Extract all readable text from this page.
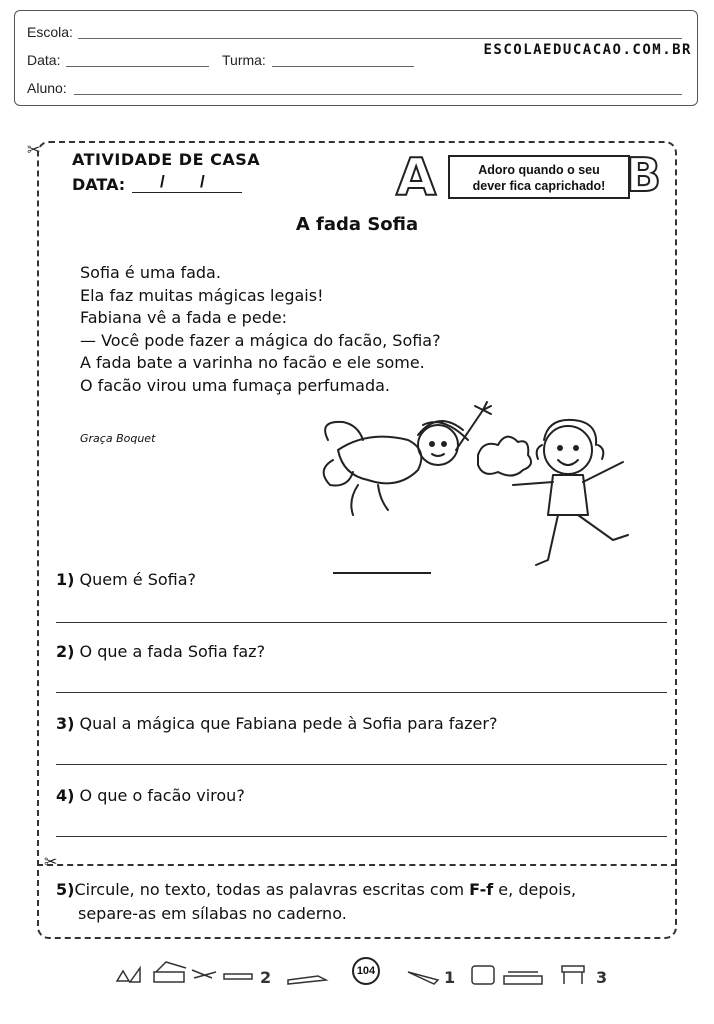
Escola:
Data:	Turma:
ESCOLAEDUCACAO.COM.BR
Aluno:
✂
✂
ATIVIDADE DE CASA
DATA: / /	A	Adoro quando o seu
dever fica caprichado! B
A fada Sofia
Sofia é uma fada.
Ela faz muitas mágicas legais!
Fabiana vê a fada e pede:
— Você pode fazer a mágica do facão, Sofia?
A fada bate a varinha no facão e ele some.
O facão virou uma fumaça perfumada.
Graça Boquet
1) Quem é Sofia?
2) O que a fada Sofia faz?
3) Qual a mágica que Fabiana pede à Sofia para fazer?
4) O que o facão virou?
5)Circule, no texto, todas as palavras escritas com F-f e, depois,
separe-as em sílabas no caderno.
2	1	3
104
